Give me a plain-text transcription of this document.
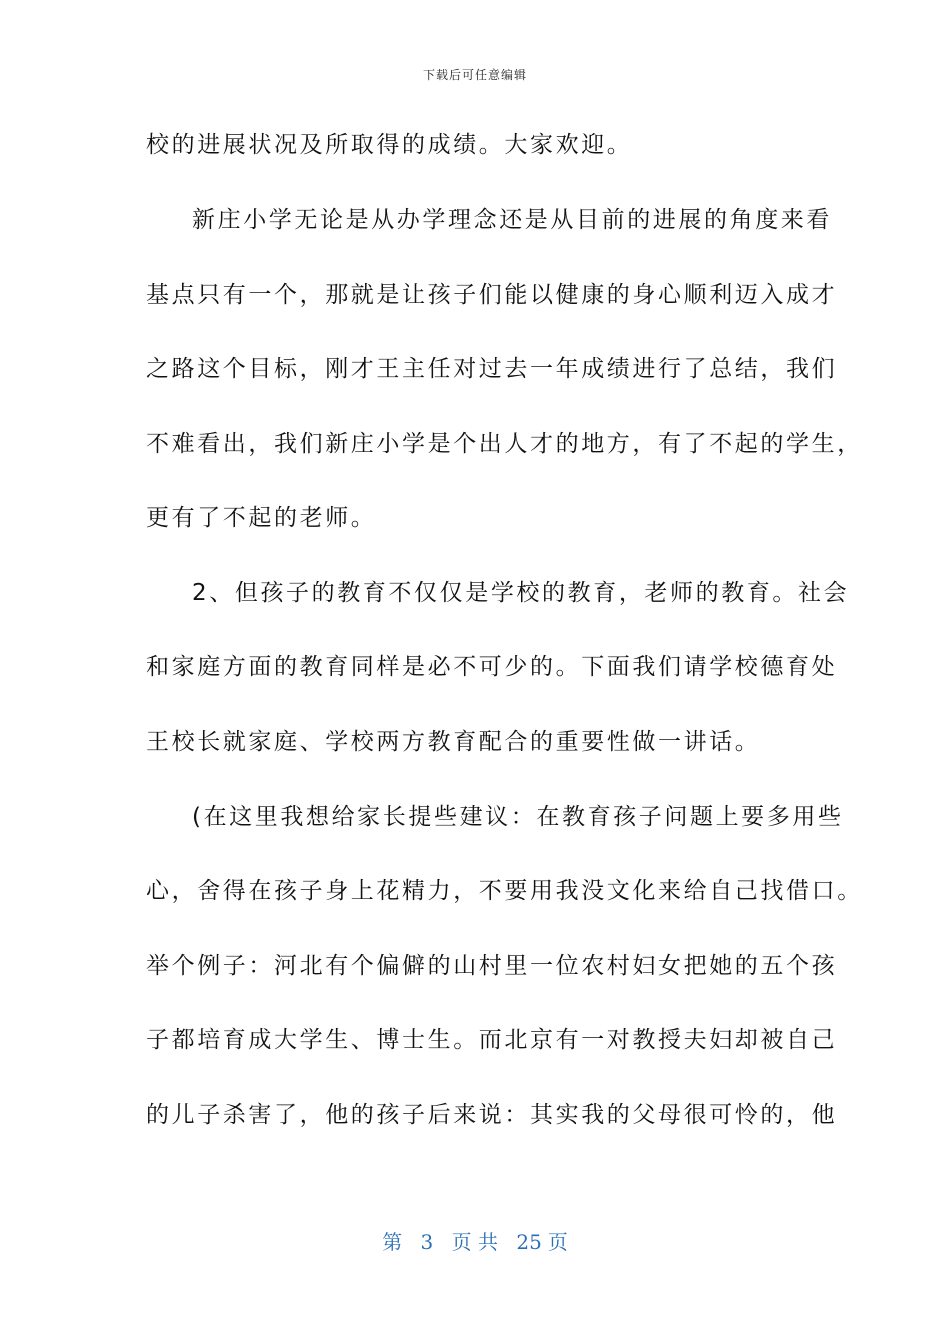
下载后可任意编辑
校的进展状况及所取得的成绩。大家欢迎。
新庄小学无论是从办学理念还是从目前的进展的角度来看
基点只有一个，那就是让孩子们能以健康的身心顺利迈入成才
之路这个目标，刚才王主任对过去一年成绩进行了总结，我们
不难看出，我们新庄小学是个出人才的地方，有了不起的学生，
更有了不起的老师。
2、但孩子的教育不仅仅是学校的教育，老师的教育。社会
和家庭方面的教育同样是必不可少的。下面我们请学校德育处
王校长就家庭、学校两方教育配合的重要性做一讲话。
(在这里我想给家长提些建议：在教育孩子问题上要多用些
心，舍得在孩子身上花精力，不要用我没文化来给自己找借口。
举个例子：河北有个偏僻的山村里一位农村妇女把她的五个孩
子都培育成大学生、博士生。而北京有一对教授夫妇却被自己
的儿子杀害了，他的孩子后来说：其实我的父母很可怜的，他
第 3 页 共 25 页
